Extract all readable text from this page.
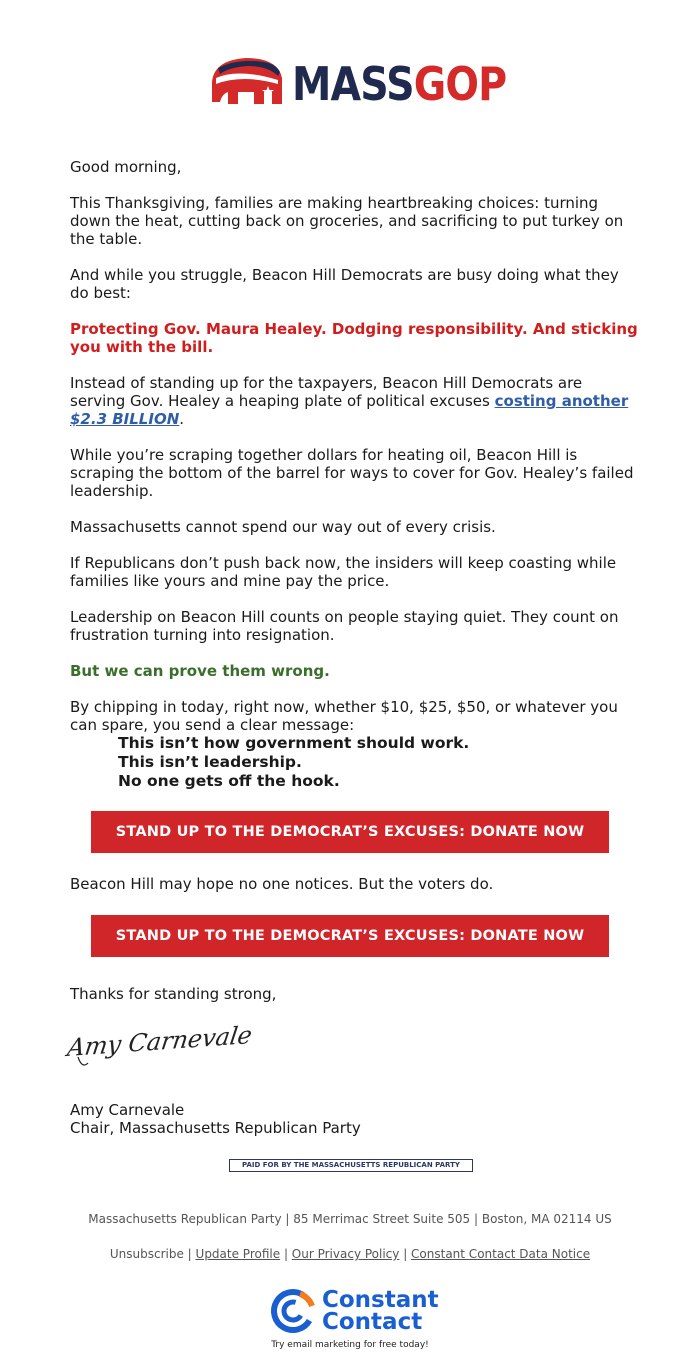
MASSGOP

Good morning,

This Thanksgiving, families are making heartbreaking choices: turning down the heat, cutting back on groceries, and sacrificing to put turkey on the table.

And while you struggle, Beacon Hill Democrats are busy doing what they do best:

Protecting Gov. Maura Healey. Dodging responsibility. And sticking you with the bill.

Instead of standing up for the taxpayers, Beacon Hill Democrats are serving Gov. Healey a heaping plate of political excuses costing another $2.3 BILLION.

While you’re scraping together dollars for heating oil, Beacon Hill is scraping the bottom of the barrel for ways to cover for Gov. Healey’s failed leadership.

Massachusetts cannot spend our way out of every crisis.

If Republicans don’t push back now, the insiders will keep coasting while families like yours and mine pay the price.

Leadership on Beacon Hill counts on people staying quiet. They count on frustration turning into resignation.

But we can prove them wrong.

By chipping in today, right now, whether $10, $25, $50, or whatever you can spare, you send a clear message:

This isn’t how government should work.
This isn’t leadership.
No one gets off the hook.
STAND UP TO THE DEMOCRAT’S EXCUSES: DONATE NOW

Beacon Hill may hope no one notices. But the voters do.

STAND UP TO THE DEMOCRAT’S EXCUSES: DONATE NOW
Thanks for standing strong,
Amy Carnevale
Amy Carnevale
Chair, Massachusetts Republican Party
PAID FOR BY THE MASSACHUSETTS REPUBLICAN PARTY
Massachusetts Republican Party | 85 Merrimac Street Suite 505 | Boston, MA 02114 US
Unsubscribe | Update Profile | Our Privacy Policy | Constant Contact Data Notice
Constant
Contact
Try email marketing for free today!
